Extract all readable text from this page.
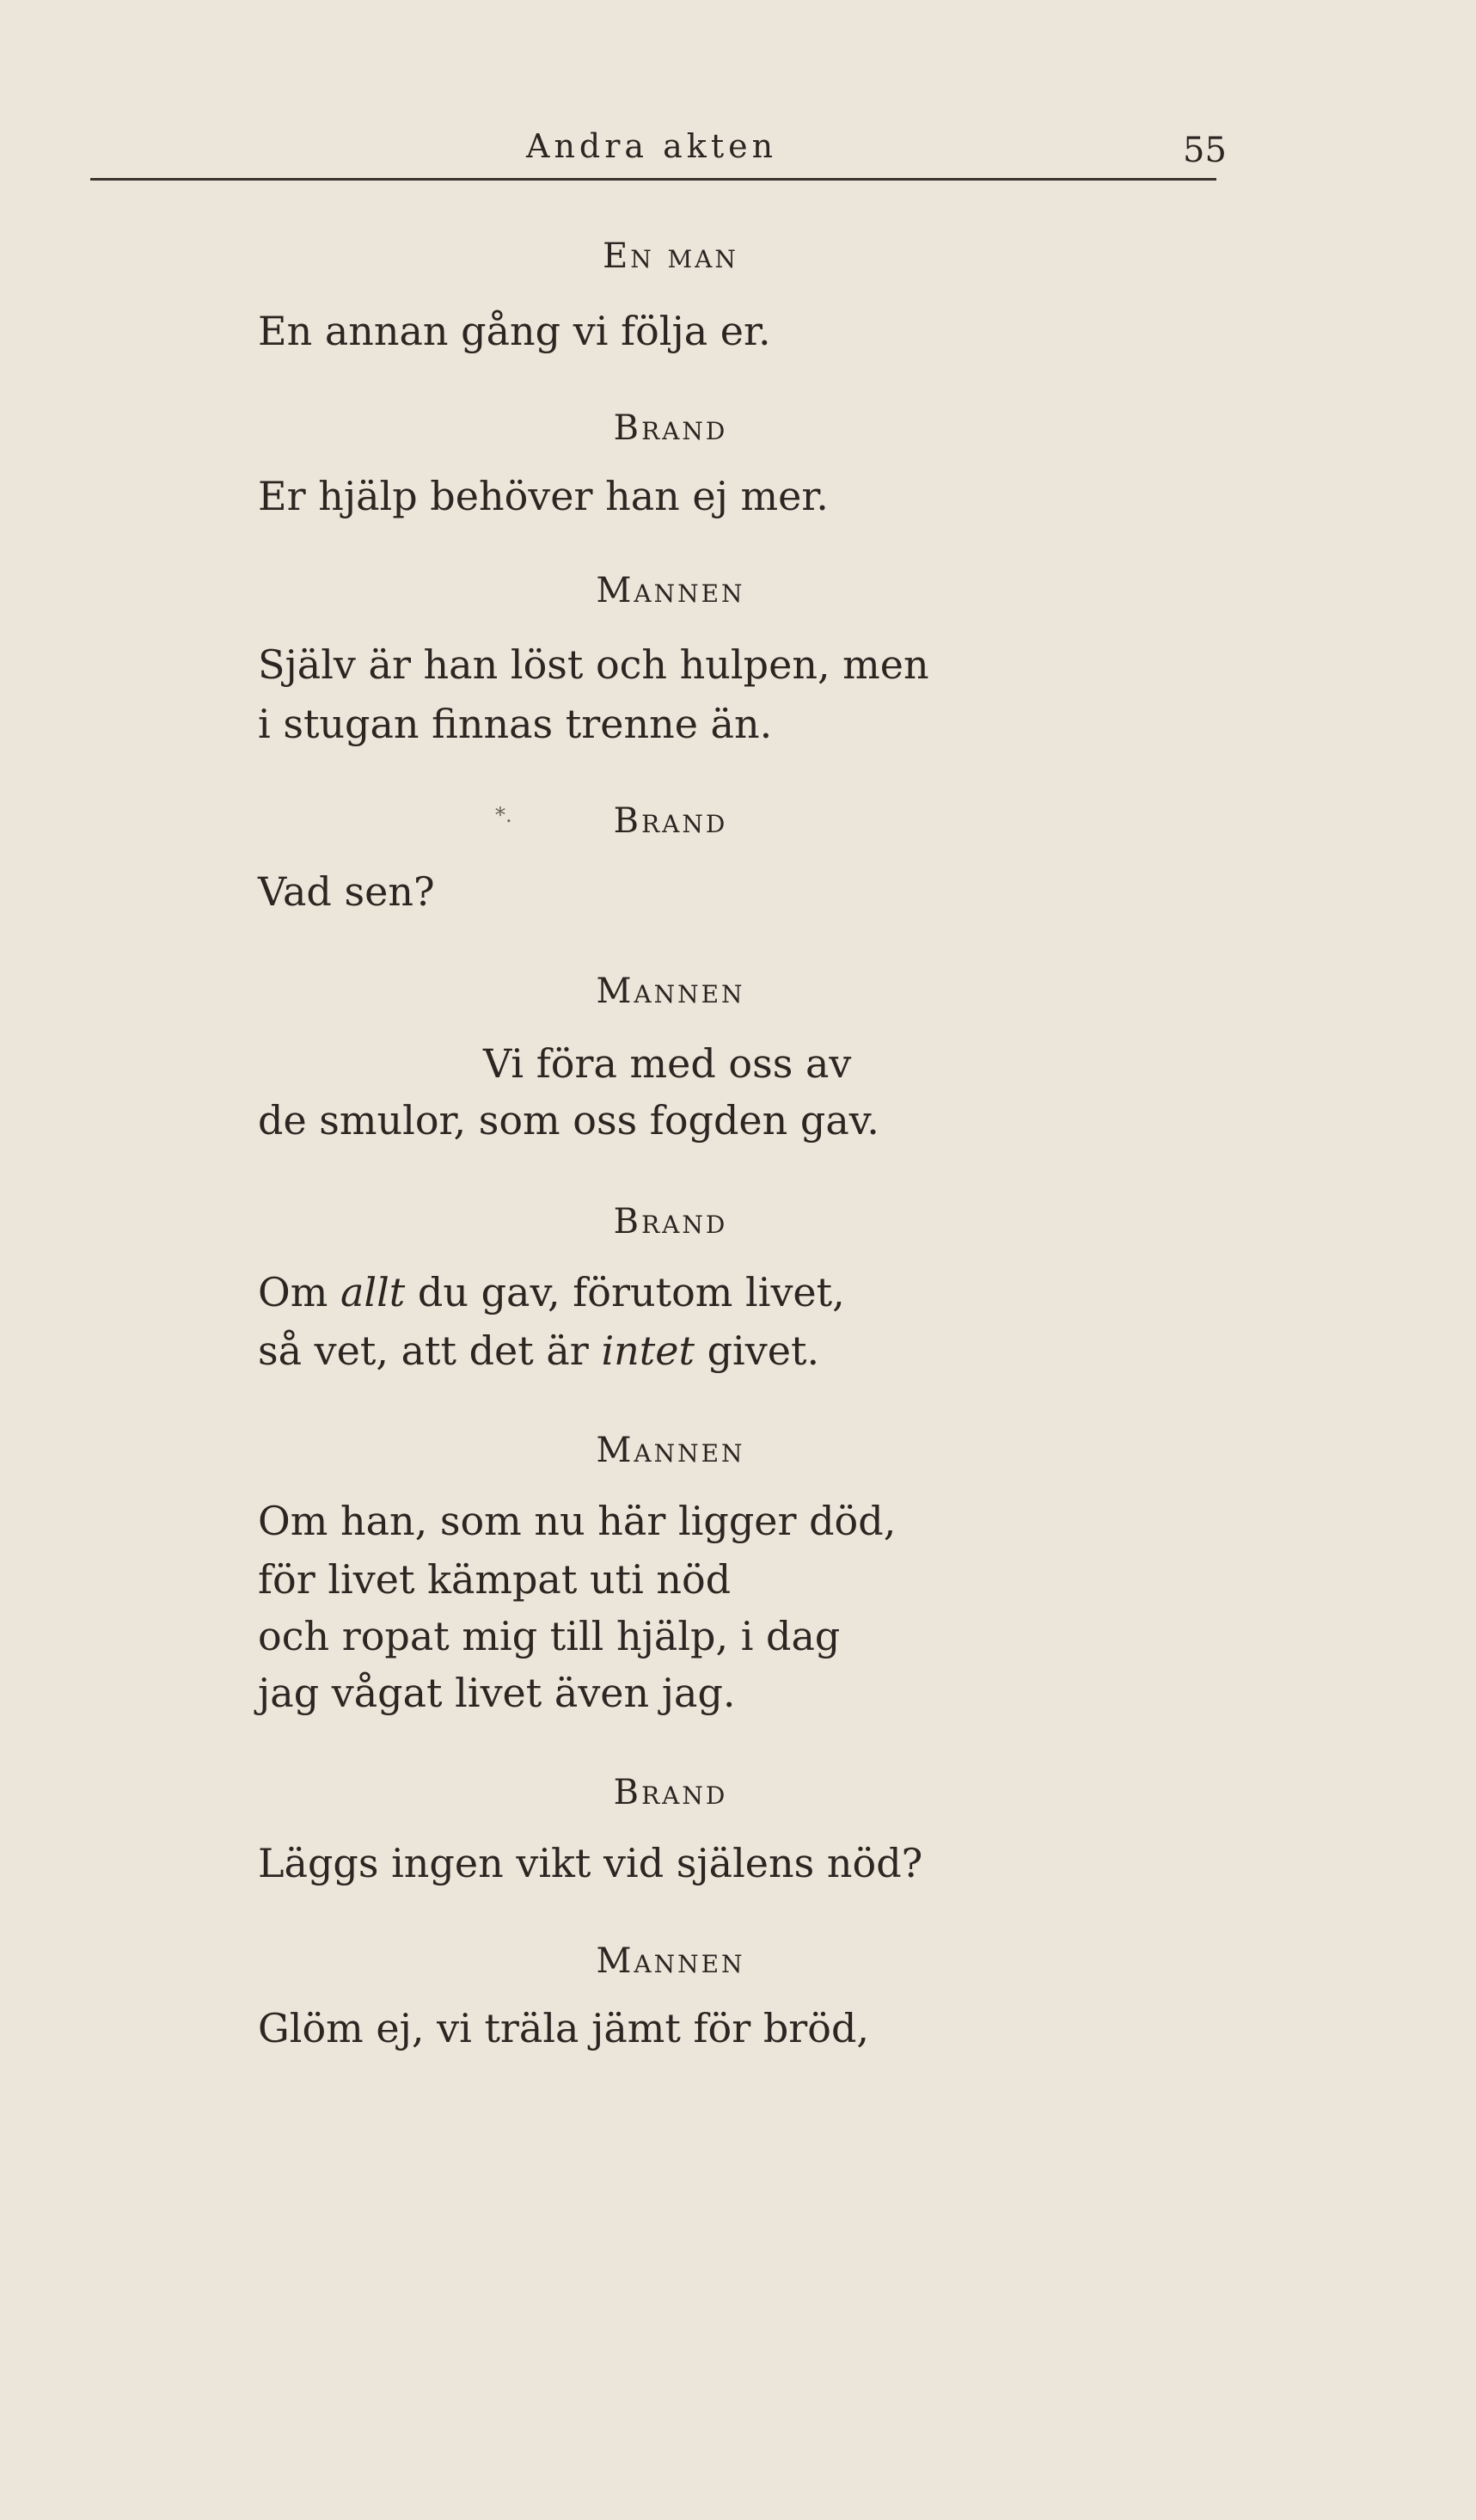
Andra akten	55
En man
En annan gång vi följa er.
Brand
Er hjälp behöver han ej mer.
Mannen
Själv är han löst och hulpen, men
i stugan finnas trenne än.
*.	Brand
Vad sen?
Mannen
Vi föra med oss av
de smulor, som oss fogden gav.
Brand
Om allt du gav, förutom livet,
så vet, att det är intet givet.
Mannen
Om han, som nu här ligger död,
för livet kämpat uti nöd
och ropat mig till hjälp, i dag
jag vågat livet även jag.
Brand
Läggs ingen vikt vid själens nöd?
Mannen
Glöm ej, vi träla jämt för bröd,
